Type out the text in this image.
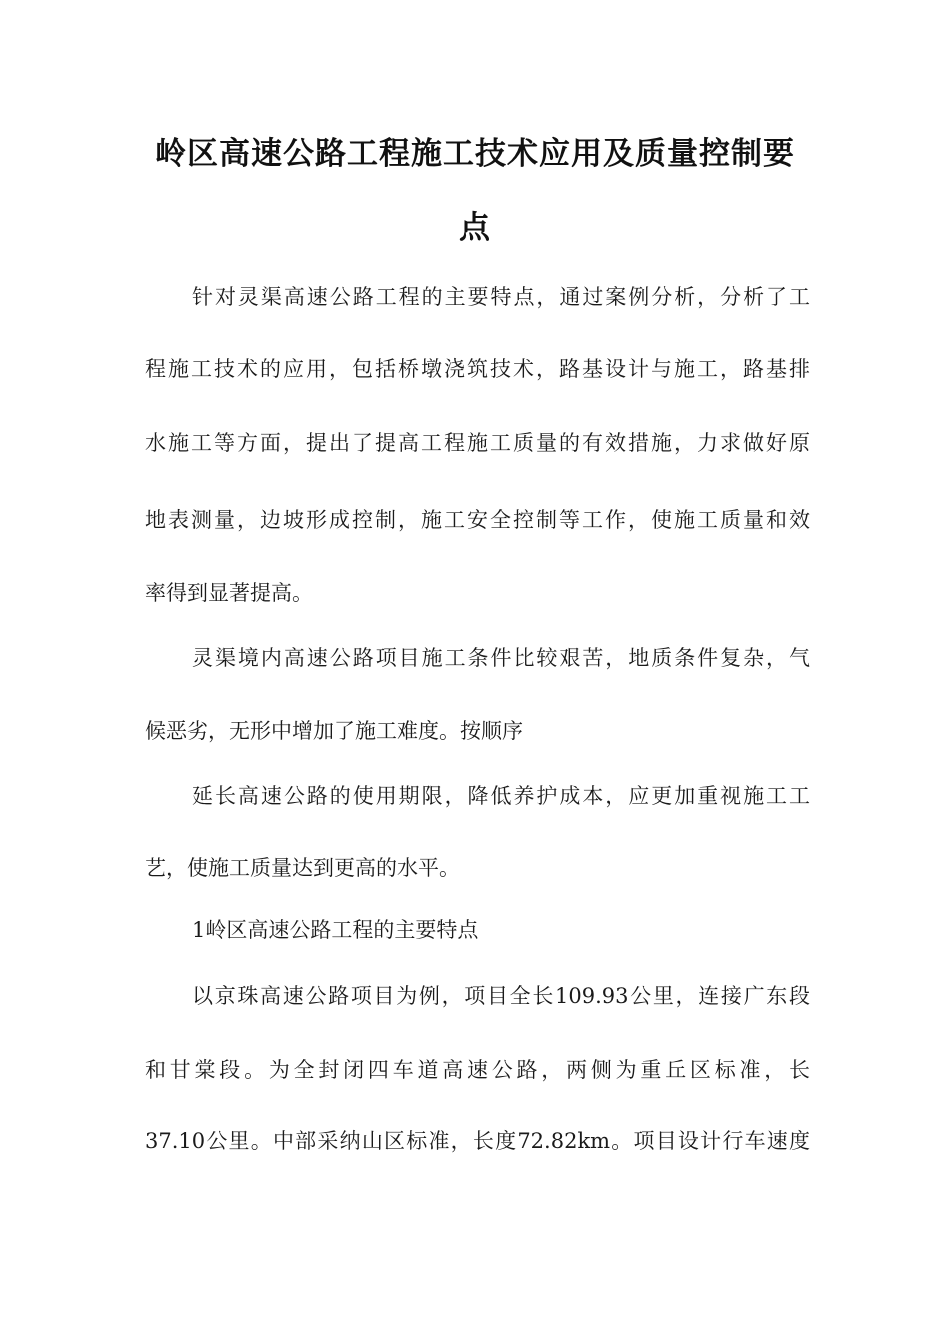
岭区高速公路工程施工技术应用及质量控制要
点

针对灵渠高速公路工程的主要特点，通过案例分析，分析了工

程施工技术的应用，包括桥墩浇筑技术，路基设计与施工，路基排

水施工等方面，提出了提高工程施工质量的有效措施，力求做好原

地表测量，边坡形成控制，施工安全控制等工作，使施工质量和效

率得到显著提高。

灵渠境内高速公路项目施工条件比较艰苦，地质条件复杂，气

候恶劣，无形中增加了施工难度。按顺序

延长高速公路的使用期限，降低养护成本，应更加重视施工工

艺，使施工质量达到更高的水平。

1岭区高速公路工程的主要特点

以京珠高速公路项目为例，项目全长109.93公里，连接广东段

和甘棠段。为全封闭四车道高速公路，两侧为重丘区标准，长

37.10公里。中部采纳山区标准，长度72.82km。项目设计行车速度
